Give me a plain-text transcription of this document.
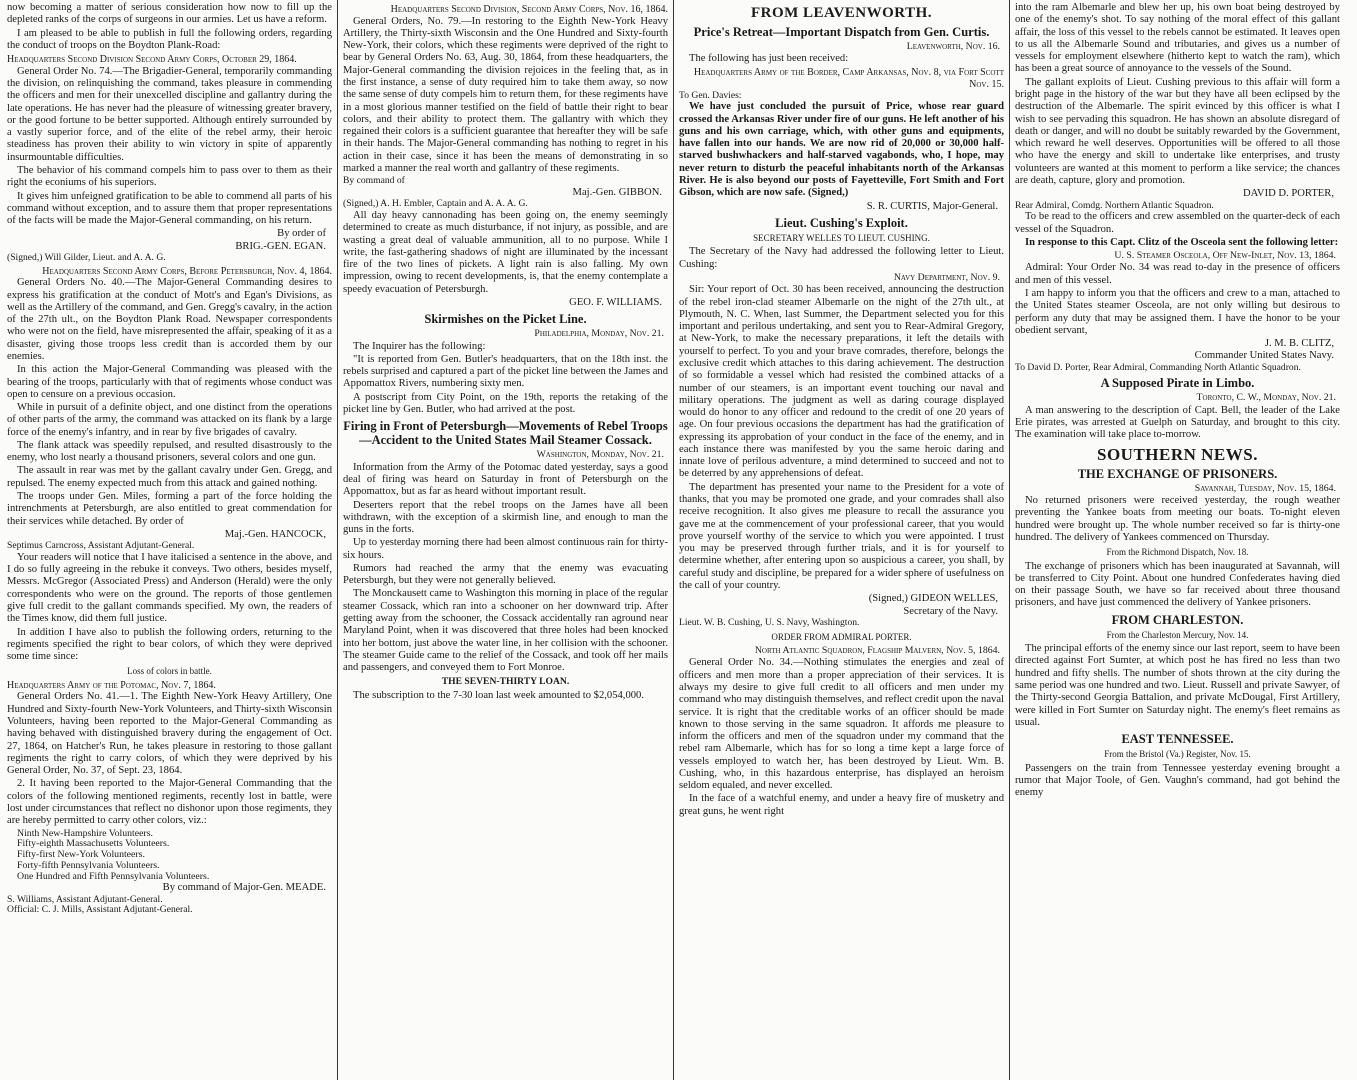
now becoming a matter of serious consideration how now to fill up the depleted ranks of the corps of surgeons in our armies. Let us have a reform.

I am pleased to be able to publish in full the following orders, regarding the conduct of troops on the Boydton Plank-Road:

Headquarters Second Division Second Army Corps, October 29, 1864.

General Order No. 74.—The Brigadier-General, temporarily commanding the division, on relinquishing the command, takes pleasure in commending the officers and men for their unexcelled discipline and gallantry during the late operations. He has never had the pleasure of witnessing greater bravery, or the good fortune to be better supported. Although entirely surrounded by a vastly superior force, and of the elite of the rebel army, their heroic steadiness has proven their ability to win victory in spite of apparently insurmountable difficulties.

The behavior of his command compels him to pass over to them as their right the econiums of his superiors.

It gives him unfeigned gratification to be able to commend all parts of his command without exception, and to assure them that proper representations of the facts will be made the Major-General commanding, on his return.

By order of
BRIG.-GEN. EGAN.
(Signed,) Will Gilder, Lieut. and A. A. G.
Headquarters Second Army Corps, Before Petersburgh, Nov. 4, 1864.

General Orders No. 40.—The Major-General Commanding desires to express his gratification at the conduct of Mott's and Egan's Divisions, as well as the Artillery of the command, and Gen. Gregg's cavalry, in the action of the 27th ult., on the Boydton Plank Road. Newspaper correspondents who were not on the field, have misrepresented the affair, speaking of it as a disaster, giving those troops less credit than is accorded them by our enemies.

In this action the Major-General Commanding was pleased with the bearing of the troops, particularly with that of regiments whose conduct was open to censure on a previous occasion.

While in pursuit of a definite object, and one distinct from the operations of other parts of the army, the command was attacked on its flank by a large force of the enemy's infantry, and in rear by five brigades of cavalry.

The flank attack was speedily repulsed, and resulted disastrously to the enemy, who lost nearly a thousand prisoners, several colors and one gun.

The assault in rear was met by the gallant cavalry under Gen. Gregg, and repulsed. The enemy expected much from this attack and gained nothing.

The troops under Gen. Miles, forming a part of the force holding the intrenchments at Petersburgh, are also entitled to great commendation for their services while detached. By order of

Maj.-Gen. HANCOCK,
Septimus Carncross, Assistant Adjutant-General.

Your readers will notice that I have italicised a sentence in the above, and I do so fully agreeing in the rebuke it conveys. Two others, besides myself, Messrs. McGregor (Associated Press) and Anderson (Herald) were the only correspondents who were on the ground. The reports of those gentlemen give full credit to the gallant commands specified. My own, the readers of the Times know, did them full justice.

In addition I have also to publish the following orders, returning to the regiments specified the right to bear colors, of which they were deprived some time since:

Loss of colors in battle.
Headquarters Army of the Potomac, Nov. 7, 1864.

General Orders No. 41.—1. The Eighth New-York Heavy Artillery, One Hundred and Sixty-fourth New-York Volunteers, and Thirty-sixth Wisconsin Volunteers, having been reported to the Major-General Commanding as having behaved with distinguished bravery during the engagement of Oct. 27, 1864, on Hatcher's Run, he takes pleasure in restoring to those gallant regiments the right to carry colors, of which they were deprived by his General Order, No. 37, of Sept. 23, 1864.

2. It having been reported to the Major-General Commanding that the colors of the following mentioned regiments, recently lost in battle, were lost under circumstances that reflect no dishonor upon those regiments, they are hereby permitted to carry other colors, viz.:

Ninth New-Hampshire Volunteers.
Fifty-eighth Massachusetts Volunteers.
Fifty-first New-York Volunteers.
Forty-fifth Pennsylvania Volunteers.
One Hundred and Fifth Pennsylvania Volunteers.
By command of Major-Gen. MEADE.
S. Williams, Assistant Adjutant-General.
Official: C. J. Mills, Assistant Adjutant-General.
Headquarters Second Division, Second Army Corps, Nov. 16, 1864.

General Orders, No. 79.—In restoring to the Eighth New-York Heavy Artillery, the Thirty-sixth Wisconsin and the One Hundred and Sixty-fourth New-York, their colors, which these regiments were deprived of the right to bear by General Orders No. 63, Aug. 30, 1864, from these headquarters, the Major-General commanding the division rejoices in the feeling that, as in the first instance, a sense of duty required him to take them away, so now the same sense of duty compels him to return them, for these regiments have in a most glorious manner testified on the field of battle their right to bear colors, and their ability to protect them. The gallantry with which they regained their colors is a sufficient guarantee that hereafter they will be safe in their hands. The Major-General commanding has nothing to regret in his action in their case, since it has been the means of demonstrating in so marked a manner the real worth and gallantry of these regiments.

By command of
Maj.-Gen. GIBBON.
(Signed,) A. H. Embler, Captain and A. A. A. G.

All day heavy cannonading has been going on, the enemy seemingly determined to create as much disturbance, if not injury, as possible, and are wasting a great deal of valuable ammunition, all to no purpose. While I write, the fast-gathering shadows of night are illuminated by the incessant fire of the two lines of pickets. A light rain is also falling. My own impression, owing to recent developments, is, that the enemy contemplate a speedy evacuation of Petersburgh.

GEO. F. WILLIAMS.
Skirmishes on the Picket Line.
Philadelphia, Monday, Nov. 21.

The Inquirer has the following:

"It is reported from Gen. Butler's headquarters, that on the 18th inst. the rebels surprised and captured a part of the picket line between the James and Appomattox Rivers, numbering sixty men.

A postscript from City Point, on the 19th, reports the retaking of the picket line by Gen. Butler, who had arrived at the post.

Firing in Front of Petersburgh—Movements of Rebel Troops—Accident to the United States Mail Steamer Cossack.
Washington, Monday, Nov. 21.

Information from the Army of the Potomac dated yesterday, says a good deal of firing was heard on Saturday in front of Petersburgh on the Appomattox, but as far as heard without important result.

Deserters report that the rebel troops on the James have all been withdrawn, with the exception of a skirmish line, and enough to man the guns in the forts.

Up to yesterday morning there had been almost continuous rain for thirty-six hours.

Rumors had reached the army that the enemy was evacuating Petersburgh, but they were not generally believed.

The Monckausett came to Washington this morning in place of the regular steamer Cossack, which ran into a schooner on her downward trip. After getting away from the schooner, the Cossack accidentally ran aground near Maryland Point, when it was discovered that three holes had been knocked into her bottom, just above the water line, in her collision with the schooner. The steamer Guide came to the relief of the Cossack, and took off her mails and passengers, and conveyed them to Fort Monroe.

THE SEVEN-THIRTY LOAN.

The subscription to the 7-30 loan last week amounted to $2,054,000.

FROM LEAVENWORTH.
Price's Retreat—Important Dispatch from Gen. Curtis.
Leavenworth, Nov. 16.

The following has just been received:

Headquarters Army of the Border, Camp Arkansas, Nov. 8, via Fort Scott Nov. 15.
To Gen. Davies:

We have just concluded the pursuit of Price, whose rear guard crossed the Arkansas River under fire of our guns. He left another of his guns and his own carriage, which, with other guns and equipments, have fallen into our hands. We are now rid of 20,000 or 30,000 half-starved bushwhackers and half-starved vagabonds, who, I hope, may never return to disturb the peaceful inhabitants north of the Arkansas River. He is also beyond our posts of Fayetteville, Fort Smith and Fort Gibson, which are now safe. (Signed,)

S. R. CURTIS, Major-General.
Lieut. Cushing's Exploit.
SECRETARY WELLES TO LIEUT. CUSHING.

The Secretary of the Navy had addressed the following letter to Lieut. Cushing:

Navy Department, Nov. 9.

Sir: Your report of Oct. 30 has been received, announcing the destruction of the rebel iron-clad steamer Albemarle on the night of the 27th ult., at Plymouth, N. C. When, last Summer, the Department selected you for this important and perilous undertaking, and sent you to Rear-Admiral Gregory, at New-York, to make the necessary preparations, it left the details with yourself to perfect. To you and your brave comrades, therefore, belongs the exclusive credit which attaches to this daring achievement. The destruction of so formidable a vessel which had resisted the combined attacks of a number of our steamers, is an important event touching our naval and military operations. The judgment as well as daring courage displayed would do honor to any officer and redound to the credit of one 20 years of age. On four previous occasions the department has had the gratification of expressing its approbation of your conduct in the face of the enemy, and in each instance there was manifested by you the same heroic daring and innate love of perilous adventure, a mind determined to succeed and not to be deterred by any apprehensions of defeat.

The department has presented your name to the President for a vote of thanks, that you may be promoted one grade, and your comrades shall also receive recognition. It also gives me pleasure to recall the assurance you gave me at the commencement of your professional career, that you would prove yourself worthy of the service to which you were appointed. I trust you may be preserved through further trials, and it is for yourself to determine whether, after entering upon so auspicious a career, you shall, by careful study and discipline, be prepared for a wider sphere of usefulness on the call of your country.

(Signed,) GIDEON WELLES,
Secretary of the Navy.
Lieut. W. B. Cushing, U. S. Navy, Washington.
ORDER FROM ADMIRAL PORTER.
North Atlantic Squadron, Flagship Malvern, Nov. 5, 1864.

General Order No. 34.—Nothing stimulates the energies and zeal of officers and men more than a proper appreciation of their services. It is always my desire to give full credit to all officers and men under my command who may distinguish themselves, and reflect credit upon the naval service. It is right that the creditable works of an officer should be made known to those serving in the same squadron. It affords me pleasure to inform the officers and men of the squadron under my command that the rebel ram Albemarle, which has for so long a time kept a large force of vessels employed to watch her, has been destroyed by Lieut. Wm. B. Cushing, who, in this hazardous enterprise, has displayed an heroism seldom equaled, and never excelled.

In the face of a watchful enemy, and under a heavy fire of musketry and great guns, he went right

into the ram Albemarle and blew her up, his own boat being destroyed by one of the enemy's shot. To say nothing of the moral effect of this gallant affair, the loss of this vessel to the rebels cannot be estimated. It leaves open to us all the Albemarle Sound and tributaries, and gives us a number of vessels for employment elsewhere (hitherto kept to watch the ram), which has been a great source of annoyance to the vessels of the Sound.

The gallant exploits of Lieut. Cushing previous to this affair will form a bright page in the history of the war but they have all been eclipsed by the destruction of the Albemarle. The spirit evinced by this officer is what I wish to see pervading this squadron. He has shown an absolute disregard of death or danger, and will no doubt be suitably rewarded by the Government, which reward he well deserves. Opportunities will be offered to all those who have the energy and skill to undertake like enterprises, and trusty volunteers are wanted at this moment to perform a like service; the chances are death, capture, glory and promotion.

DAVID D. PORTER,
Rear Admiral, Comdg. Northern Atlantic Squadron.

To be read to the officers and crew assembled on the quarter-deck of each vessel of the Squadron.

In response to this Capt. Clitz of the Osceola sent the following letter:

U. S. Steamer Osceola, Off New-Inlet, Nov. 13, 1864.

Admiral: Your Order No. 34 was read to-day in the presence of officers and men of this vessel.

I am happy to inform you that the officers and crew to a man, attached to the United States steamer Osceola, are not only willing but desirous to perform any duty that may be assigned them. I have the honor to be your obedient servant,

J. M. B. CLITZ,
Commander United States Navy.
To David D. Porter, Rear Admiral, Commanding North Atlantic Squadron.
A Supposed Pirate in Limbo.
Toronto, C. W., Monday, Nov. 21.

A man answering to the description of Capt. Bell, the leader of the Lake Erie pirates, was arrested at Guelph on Saturday, and brought to this city. The examination will take place to-morrow.

SOUTHERN NEWS.
THE EXCHANGE OF PRISONERS.
Savannah, Tuesday, Nov. 15, 1864.

No returned prisoners were received yesterday, the rough weather preventing the Yankee boats from meeting our boats. To-night eleven hundred were brought up. The whole number received so far is thirty-one hundred. The delivery of Yankees commenced on Thursday.

From the Richmond Dispatch, Nov. 18.

The exchange of prisoners which has been inaugurated at Savannah, will be transferred to City Point. About one hundred Confederates having died on their passage South, we have so far received about three thousand prisoners, and have just commenced the delivery of Yankee prisoners.

FROM CHARLESTON.
From the Charleston Mercury, Nov. 14.

The principal efforts of the enemy since our last report, seem to have been directed against Fort Sumter, at which post he has fired no less than two hundred and fifty shells. The number of shots thrown at the city during the same period was one hundred and two. Lieut. Russell and private Sawyer, of the Thirty-second Georgia Battalion, and private McDougal, First Artillery, were killed in Fort Sumter on Saturday night. The enemy's fleet remains as usual.

EAST TENNESSEE.
From the Bristol (Va.) Register, Nov. 15.

Passengers on the train from Tennessee yesterday evening brought a rumor that Major Toole, of Gen. Vaughn's command, had got behind the enemy
